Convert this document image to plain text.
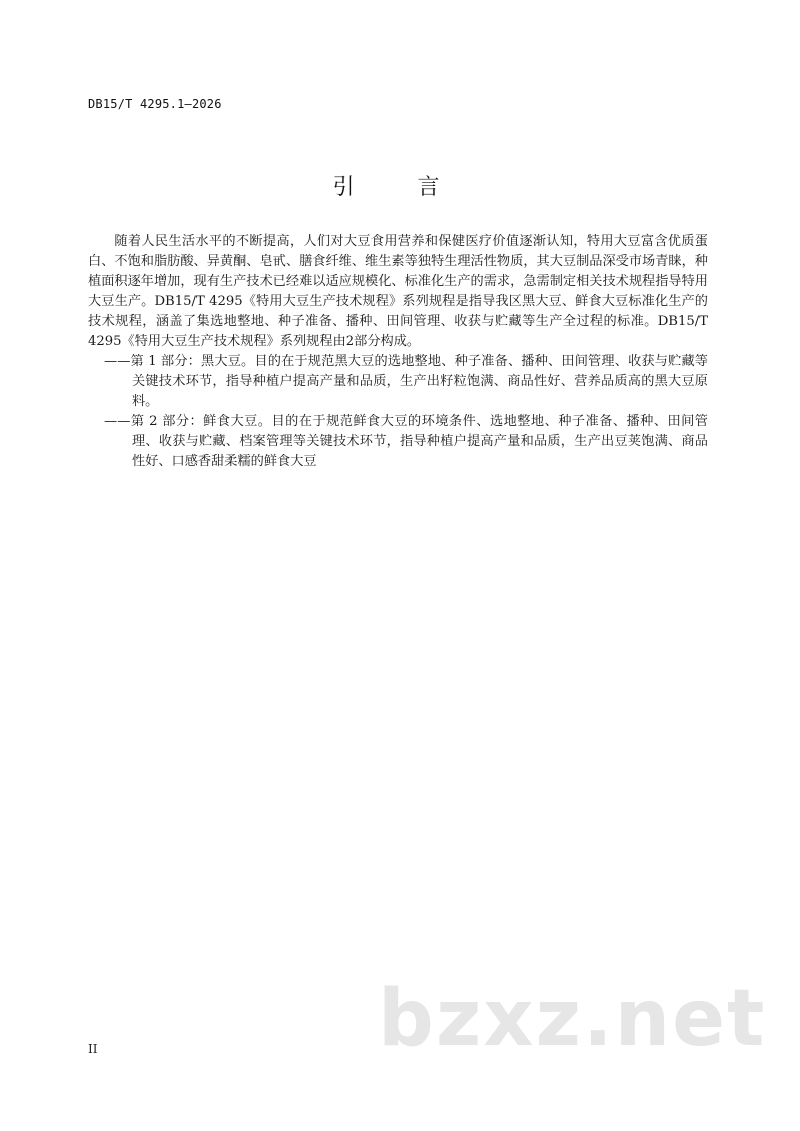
DB15/T 4295.1—2026
引 言

随着人民生活水平的不断提高，人们对大豆食用营养和保健医疗价值逐渐认知，特用大豆富含优质蛋白、不饱和脂肪酸、异黄酮、皂甙、膳食纤维、维生素等独特生理活性物质，其大豆制品深受市场青睐，种植面积逐年增加，现有生产技术已经难以适应规模化、标准化生产的需求，急需制定相关技术规程指导特用大豆生产。DB15/T 4295《特用大豆生产技术规程》系列规程是指导我区黑大豆、鲜食大豆标准化生产的技术规程，涵盖了集选地整地、种子准备、播种、田间管理、收获与贮藏等生产全过程的标准。DB15/T 4295《特用大豆生产技术规程》系列规程由2部分构成。

——第 1 部分：黑大豆。目的在于规范黑大豆的选地整地、种子准备、播种、田间管理、收获与贮藏等关键技术环节，指导种植户提高产量和品质，生产出籽粒饱满、商品性好、营养品质高的黑大豆原料。

——第 2 部分：鲜食大豆。目的在于规范鲜食大豆的环境条件、选地整地、种子准备、播种、田间管理、收获与贮藏、档案管理等关键技术环节，指导种植户提高产量和品质，生产出豆荚饱满、商品性好、口感香甜柔糯的鲜食大豆

II	bzxz.net
